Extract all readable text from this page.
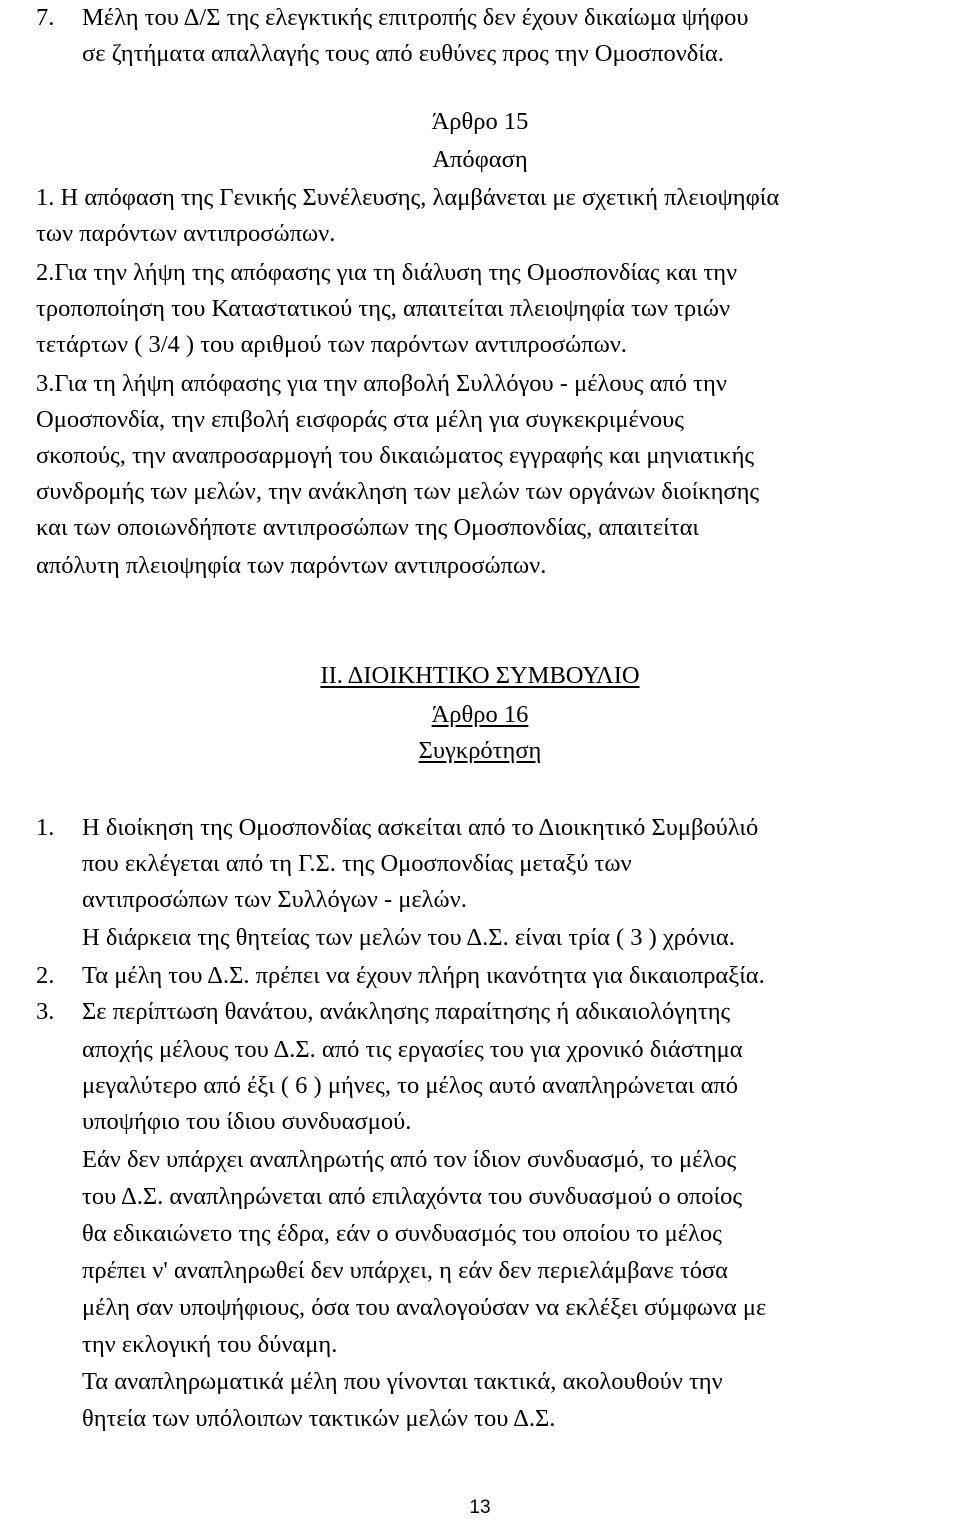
7. Μέλη του Δ/Σ της ελεγκτικής επιτροπής δεν έχουν δικαίωμα ψήφου
σε ζητήματα απαλλαγής τους από ευθύνες προς την Ομοσπονδία.
Άρθρο 15
Απόφαση
1. Η απόφαση της Γενικής Συνέλευσης, λαμβάνεται με σχετική πλειοψηφία
των παρόντων αντιπροσώπων.
2.Για την λήψη της απόφασης για τη διάλυση της Ομοσπονδίας και την
τροποποίηση του Καταστατικού της, απαιτείται πλειοψηφία των τριών
τετάρτων ( 3/4 ) του αριθμού των παρόντων αντιπροσώπων.
3.Για τη λήψη απόφασης για την αποβολή Συλλόγου - μέλους από την
Ομοσπονδία, την επιβολή εισφοράς στα μέλη για συγκεκριμένους
σκοπούς, την αναπροσαρμογή του δικαιώματος εγγραφής και μηνιατικής
συνδρομής των μελών, την ανάκληση των μελών των οργάνων διοίκησης
και των οποιωνδήποτε αντιπροσώπων της Ομοσπονδίας, απαιτείται
απόλυτη πλειοψηφία των παρόντων αντιπροσώπων.
ΙΙ. ΔΙΟΙΚΗΤΙΚΟ ΣΥΜΒΟΥΛΙΟ
Άρθρο 16
Συγκρότηση
1. Η διοίκηση της Ομοσπονδίας ασκείται από το Διοικητικό Συμβούλιό
που εκλέγεται από τη Γ.Σ. της Ομοσπονδίας μεταξύ των
αντιπροσώπων των Συλλόγων - μελών.
Η διάρκεια της θητείας των μελών του Δ.Σ. είναι τρία ( 3 ) χρόνια.
2. Τα μέλη του Δ.Σ. πρέπει να έχουν πλήρη ικανότητα για δικαιοπραξία.
3. Σε περίπτωση θανάτου, ανάκλησης παραίτησης ή αδικαιολόγητης
αποχής μέλους του Δ.Σ. από τις εργασίες του για χρονικό διάστημα
μεγαλύτερο από έξι ( 6 ) μήνες, το μέλος αυτό αναπληρώνεται από
υποψήφιο του ίδιου συνδυασμού.
Εάν δεν υπάρχει αναπληρωτής από τον ίδιον συνδυασμό, το μέλος
του Δ.Σ. αναπληρώνεται από επιλαχόντα του συνδυασμού ο οποίος
θα εδικαιώνετο της έδρα, εάν ο συνδυασμός του οποίου το μέλος
πρέπει ν' αναπληρωθεί δεν υπάρχει, η εάν δεν περιελάμβανε τόσα
μέλη σαν υποψήφιους, όσα του αναλογούσαν να εκλέξει σύμφωνα με
την εκλογική του δύναμη.
Τα αναπληρωματικά μέλη που γίνονται τακτικά, ακολουθούν την
θητεία των υπόλοιπων τακτικών μελών του Δ.Σ.
13
